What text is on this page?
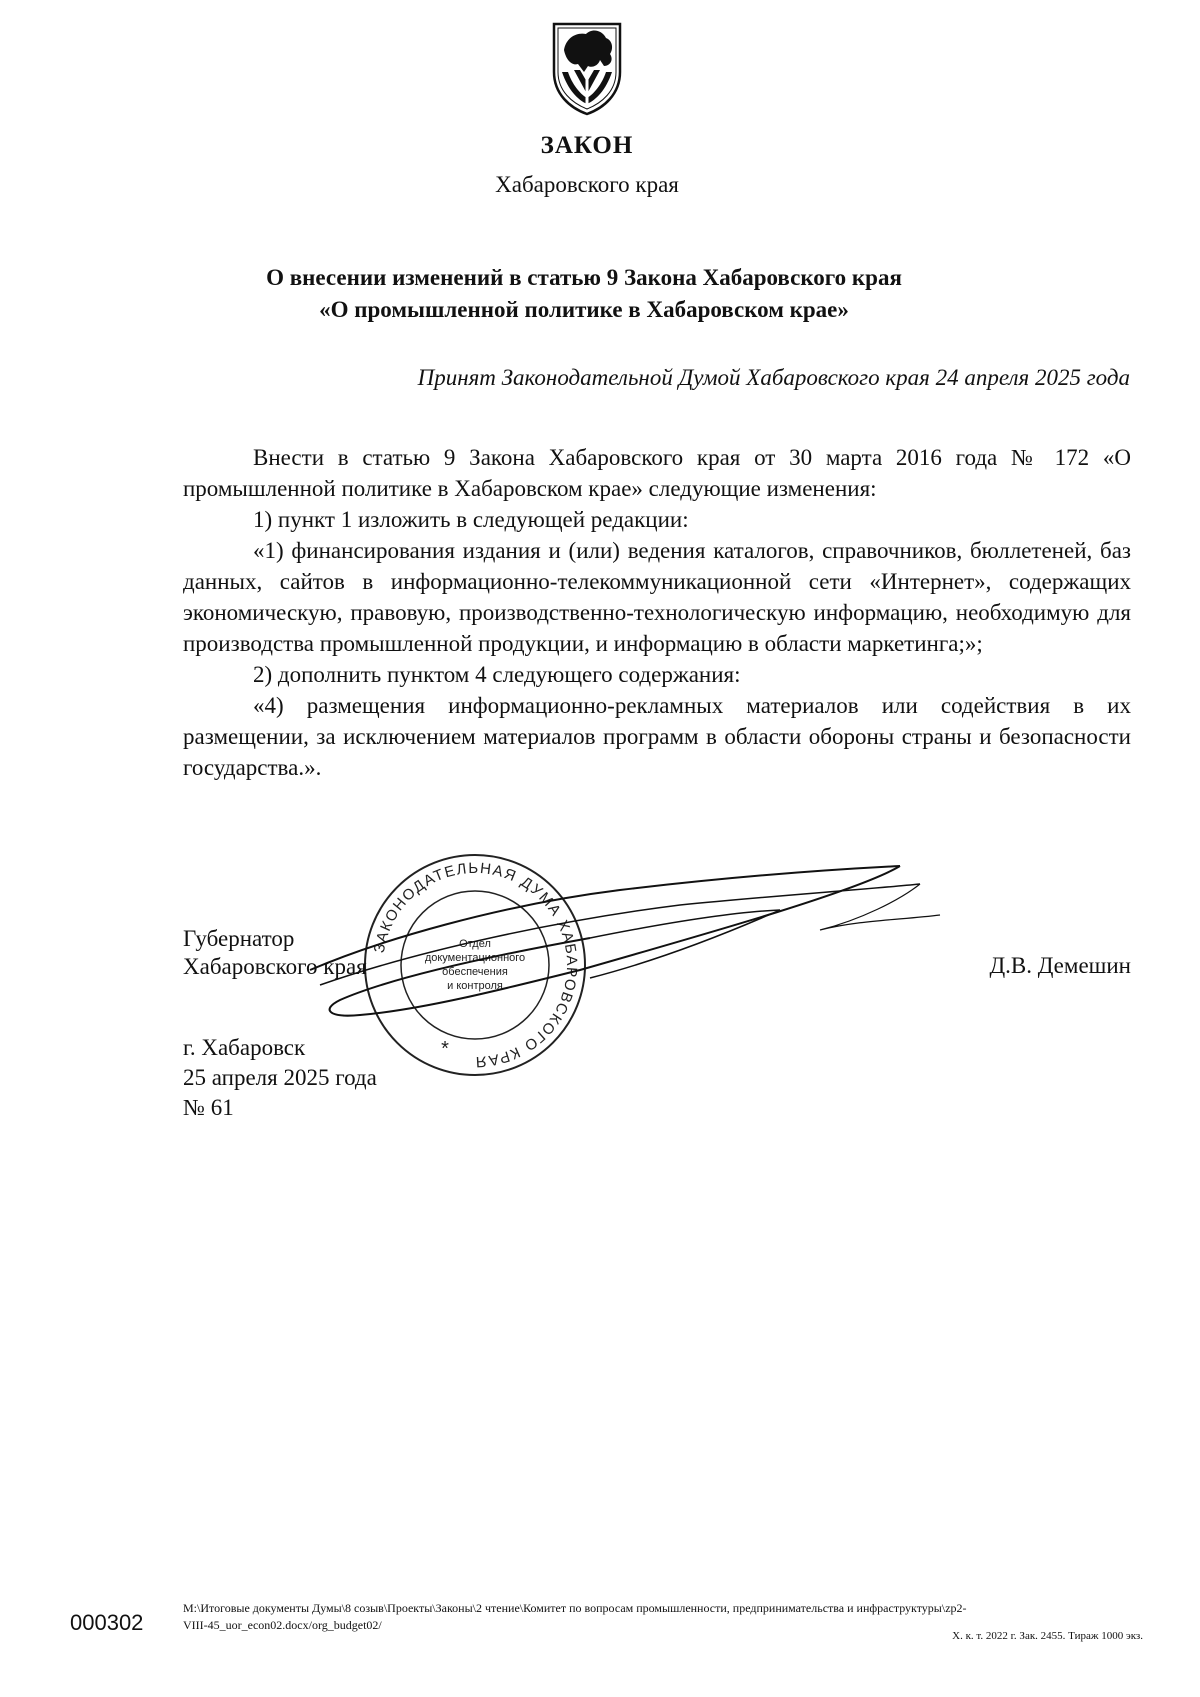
ЗАКОН
Хабаровского края
О внесении изменений в статью 9 Закона Хабаровского края
«О промышленной политике в Хабаровском крае»
Принят Законодательной Думой Хабаровского края 24 апреля 2025 года

Внести в статью 9 Закона Хабаровского края от 30 марта 2016 года № 172 «О промышленной политике в Хабаровском крае» следующие изменения:

1) пункт 1 изложить в следующей редакции:

«1) финансирования издания и (или) ведения каталогов, справочников, бюллетеней, баз данных, сайтов в информационно-телекоммуникационной сети «Интернет», содержащих экономическую, правовую, производственно-технологическую информацию, необходимую для производства промышленной продукции, и информацию в области маркетинга;»;

2) дополнить пунктом 4 следующего содержания:

«4) размещения информационно-рекламных материалов или содействия в их размещении, за исключением материалов программ в области обороны страны и безопасности государства.».

ЗАКОНОДАТЕЛЬНАЯ ДУМА ХАБАРОВСКОГО КРАЯ
Отдел
документационного
обеспечения
и контроля
*
Губернатор
Хабаровского края	Д.В. Демешин
г. Хабаровск
25 апреля 2025 года
№ 61
000302
M:\Итоговые документы Думы\8 созыв\Проекты\Законы\2 чтение\Комитет по вопросам промышленности, предпринимательства и инфраструктуры\zp2-
VIII-45_uor_econ02.docx/org_budget02/
Х. к. т. 2022 г. Зак. 2455. Тираж 1000 экз.
